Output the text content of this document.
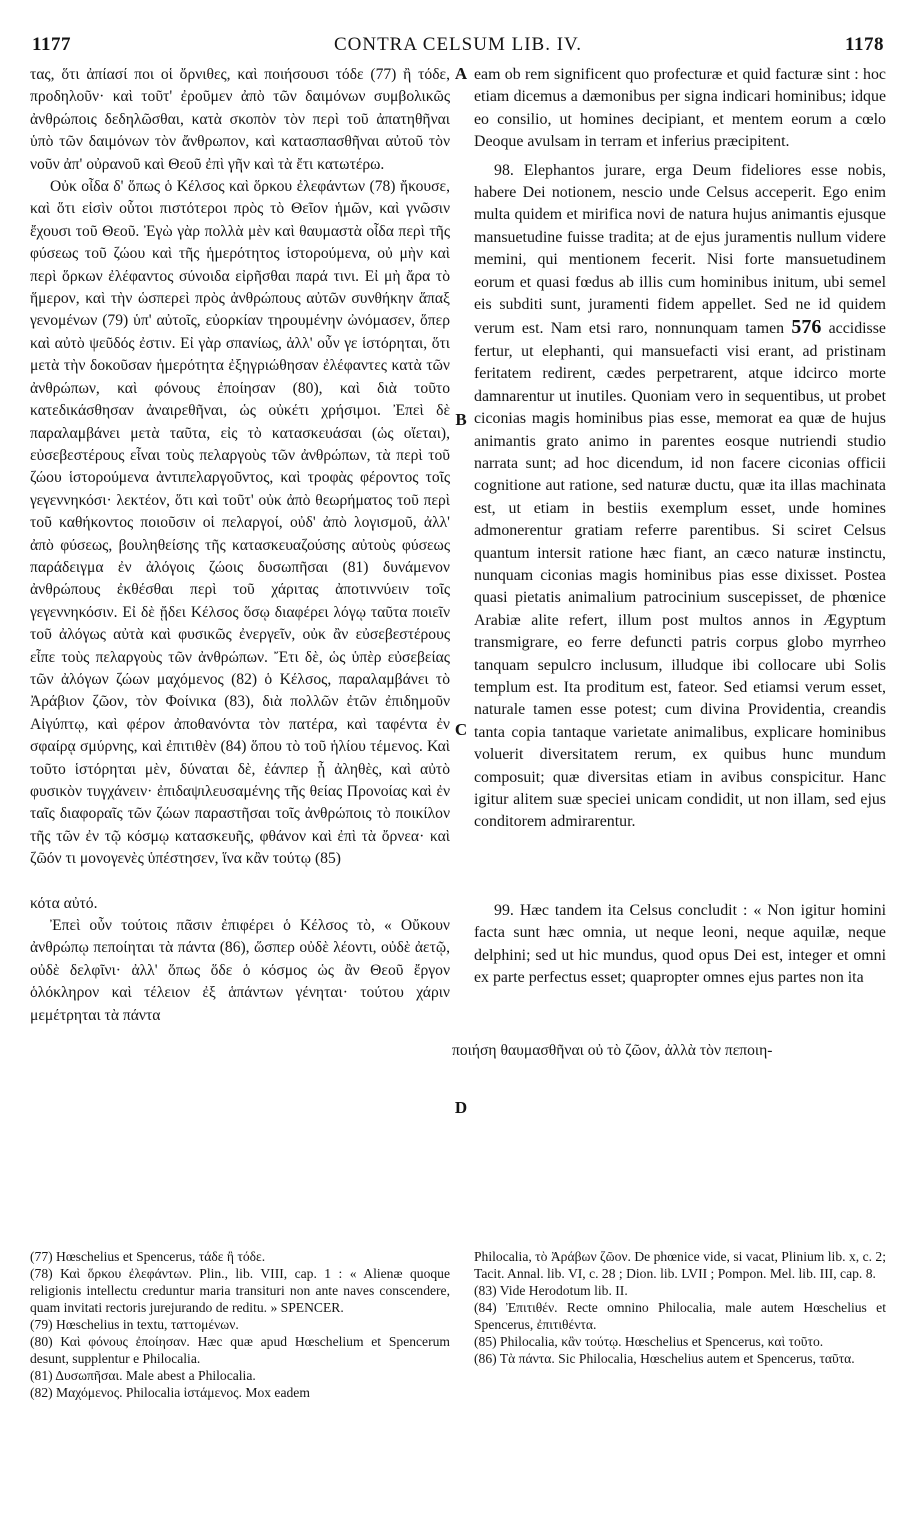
1177	CONTRA CELSUM LIB. IV.	1178

τας, ὅτι ἀπίασί ποι οἱ ὄρνιθες, καὶ ποιήσουσι τόδε (77) ἢ τόδε, προδηλοῦν· καὶ τοῦτ' ἐροῦμεν ἀπὸ τῶν δαιμόνων συμβολικῶς ἀνθρώποις δεδηλῶσθαι, κατὰ σκοπὸν τὸν περὶ τοῦ ἀπατηθῆναι ὑπὸ τῶν δαιμόνων τὸν ἄνθρωπον, καὶ κατασπασθῆναι αὐτοῦ τὸν νοῦν ἀπ' οὐρανοῦ καὶ Θεοῦ ἐπὶ γῆν καὶ τὰ ἔτι κατωτέρω.

Οὐκ οἶδα δ' ὅπως ὁ Κέλσος καὶ ὅρκου ἐλεφάντων (78) ἤκουσε, καὶ ὅτι εἰσὶν οὗτοι πιστότεροι πρὸς τὸ Θεῖον ἡμῶν, καὶ γνῶσιν ἔχουσι τοῦ Θεοῦ. Ἐγὼ γὰρ πολλὰ μὲν καὶ θαυμαστὰ οἶδα περὶ τῆς φύσεως τοῦ ζώου καὶ τῆς ἡμερότητος ἱστορούμενα, οὐ μὴν καὶ περὶ ὅρκων ἐλέφαντος σύνοιδα εἰρῆσθαι παρά τινι. Εἰ μὴ ἄρα τὸ ἥμερον, καὶ τὴν ὡσπερεὶ πρὸς ἀνθρώπους αὐτῶν συνθήκην ἅπαξ γενομένων (79) ὑπ' αὐτοῖς, εὐορκίαν τηρουμένην ὠνόμασεν, ὅπερ καὶ αὐτὸ ψεῦδός ἐστιν. Εἰ γὰρ σπανίως, ἀλλ' οὖν γε ἱστόρηται, ὅτι μετὰ τὴν δοκοῦσαν ἡμερότητα ἐξηγριώθησαν ἐλέφαντες κατὰ τῶν ἀνθρώπων, καὶ φόνους ἐποίησαν (80), καὶ διὰ τοῦτο κατεδικάσθησαν ἀναιρεθῆναι, ὡς οὐκέτι χρήσιμοι. Ἐπεὶ δὲ παραλαμβάνει μετὰ ταῦτα, εἰς τὸ κατασκευάσαι (ὡς οἴεται), εὐσεβεστέρους εἶναι τοὺς πελαργοὺς τῶν ἀνθρώπων, τὰ περὶ τοῦ ζώου ἱστορούμενα ἀντιπελαργοῦντος, καὶ τροφὰς φέροντος τοῖς γεγεννηκόσι· λεκτέον, ὅτι καὶ τοῦτ' οὐκ ἀπὸ θεωρήματος τοῦ περὶ τοῦ καθήκοντος ποιοῦσιν οἱ πελαργοί, οὐδ' ἀπὸ λογισμοῦ, ἀλλ' ἀπὸ φύσεως, βουληθείσης τῆς κατασκευαζούσης αὐτοὺς φύσεως παράδειγμα ἐν ἀλόγοις ζώοις δυσωπῆσαι (81) δυνάμενον ἀνθρώπους ἐκθέσθαι περὶ τοῦ χάριτας ἀποτιννύειν τοῖς γεγεννηκόσιν. Εἰ δὲ ᾔδει Κέλσος ὅσῳ διαφέρει λόγῳ ταῦτα ποιεῖν τοῦ ἀλόγως αὐτὰ καὶ φυσικῶς ἐνεργεῖν, οὐκ ἂν εὐσεβεστέρους εἶπε τοὺς πελαργοὺς τῶν ἀνθρώπων. Ἔτι δὲ, ὡς ὑπὲρ εὐσεβείας τῶν ἀλόγων ζώων μαχόμενος (82) ὁ Κέλσος, παραλαμβάνει τὸ Ἀράβιον ζῶον, τὸν Φοίνικα (83), διὰ πολλῶν ἐτῶν ἐπιδημοῦν Αἰγύπτῳ, καὶ φέρον ἀποθανόντα τὸν πατέρα, καὶ ταφέντα ἐν σφαίρᾳ σμύρνης, καὶ ἐπιτιθὲν (84) ὅπου τὸ τοῦ ἡλίου τέμενος. Καὶ τοῦτο ἱστόρηται μὲν, δύναται δὲ, ἐάνπερ ᾖ ἀληθὲς, καὶ αὐτὸ φυσικὸν τυγχάνειν· ἐπιδαψιλευσαμένης τῆς θείας Προνοίας καὶ ἐν ταῖς διαφοραῖς τῶν ζώων παραστῆσαι τοῖς ἀνθρώποις τὸ ποικίλον τῆς τῶν ἐν τῷ κόσμῳ κατασκευῆς, φθάνον καὶ ἐπὶ τὰ ὄρνεα· καὶ ζῶόν τι μονογενὲς ὑπέστησεν, ἵνα κἂν τούτῳ (85)

κότα αὐτό.

Ἐπεὶ οὖν τούτοις πᾶσιν ἐπιφέρει ὁ Κέλσος τὸ, « Οὔκουν ἀνθρώπῳ πεποίηται τὰ πάντα (86), ὥσπερ οὐδὲ λέοντι, οὐδὲ ἀετῷ, οὐδὲ δελφῖνι· ἀλλ' ὅπως ὅδε ὁ κόσμος ὡς ἂν Θεοῦ ἔργον ὁλόκληρον καὶ τέλειον ἐξ ἁπάντων γένηται· τούτου χάριν μεμέτρηται τὰ πάντα

A
B
C
D

eam ob rem significent quo profecturæ et quid facturæ sint : hoc etiam dicemus a dæmonibus per signa indicari hominibus; idque eo consilio, ut homines decipiant, et mentem eorum a cœlo Deoque avulsam in terram et inferius præcipitent.

98. Elephantos jurare, erga Deum fideliores esse nobis, habere Dei notionem, nescio unde Celsus acceperit. Ego enim multa quidem et mirifica novi de natura hujus animantis ejusque mansuetudine fuisse tradita; at de ejus juramentis nullum videre memini, qui mentionem fecerit. Nisi forte mansuetudinem eorum et quasi fœdus ab illis cum hominibus initum, ubi semel eis subditi sunt, juramenti fidem appellet. Sed ne id quidem verum est. Nam etsi raro, nonnunquam tamen 576 accidisse fertur, ut elephanti, qui mansuefacti visi erant, ad pristinam feritatem redirent, cædes perpetrarent, atque idcirco morte damnarentur ut inutiles. Quoniam vero in sequentibus, ut probet ciconias magis hominibus pias esse, memorat ea quæ de hujus animantis grato animo in parentes eosque nutriendi studio narrata sunt; ad hoc dicendum, id non facere ciconias officii cognitione aut ratione, sed naturæ ductu, quæ ita illas machinata est, ut etiam in bestiis exemplum esset, unde homines admonerentur gratiam referre parentibus. Si sciret Celsus quantum intersit ratione hæc fiant, an cæco naturæ instinctu, nunquam ciconias magis hominibus pias esse dixisset. Postea quasi pietatis animalium patrocinium suscepisset, de phœnice Arabiæ alite refert, illum post multos annos in Ægyptum transmigrare, eo ferre defuncti patris corpus globo myrrheo tanquam sepulcro inclusum, illudque ibi collocare ubi Solis templum est. Ita proditum est, fateor. Sed etiamsi verum esset, naturale tamen esse potest; cum divina Providentia, creandis tanta copia tantaque varietate animalibus, explicare hominibus voluerit diversitatem rerum, ex quibus hunc mundum composuit; quæ diversitas etiam in avibus conspicitur. Hanc igitur alitem suæ speciei unicam condidit, ut non illam, sed ejus conditorem admirarentur.

99. Hæc tandem ita Celsus concludit : « Non igitur homini facta sunt hæc omnia, ut neque leoni, neque aquilæ, neque delphini; sed ut hic mundus, quod opus Dei est, integer et omni ex parte perfectus esset; quapropter omnes ejus partes non ita

ποιήση θαυμασθῆναι οὐ τὸ ζῶον, ἀλλὰ τὸν πεποιη-

(77) Hœschelius et Spencerus, τάδε ἢ τόδε.

(78) Καὶ ὅρκου ἐλεφάντων. Plin., lib. VIII, cap. 1 : « Alienæ quoque religionis intellectu creduntur maria transituri non ante naves conscendere, quam invitati rectoris jurejurando de reditu. » SPENCER.

(79) Hœschelius in textu, ταττομένων.

(80) Καὶ φόνους ἐποίησαν. Hæc quæ apud Hœschelium et Spencerum desunt, supplentur e Philocalia.

(81) Δυσωπῆσαι. Male abest a Philocalia.

(82) Μαχόμενος. Philocalia ἱστάμενος. Mox eadem

Philocalia, τὸ Ἀράβων ζῶον. De phœnice vide, si vacat, Plinium lib. x, c. 2; Tacit. Annal. lib. VI, c. 28 ; Dion. lib. LVII ; Pompon. Mel. lib. III, cap. 8.

(83) Vide Herodotum lib. II.

(84) Ἐπιτιθέν. Recte omnino Philocalia, male autem Hœschelius et Spencerus, ἐπιτιθέντα.

(85) Philocalia, κἂν τούτῳ. Hœschelius et Spencerus, καὶ τοῦτο.

(86) Τὰ πάντα. Sic Philocalia, Hœschelius autem et Spencerus, ταῦτα.
